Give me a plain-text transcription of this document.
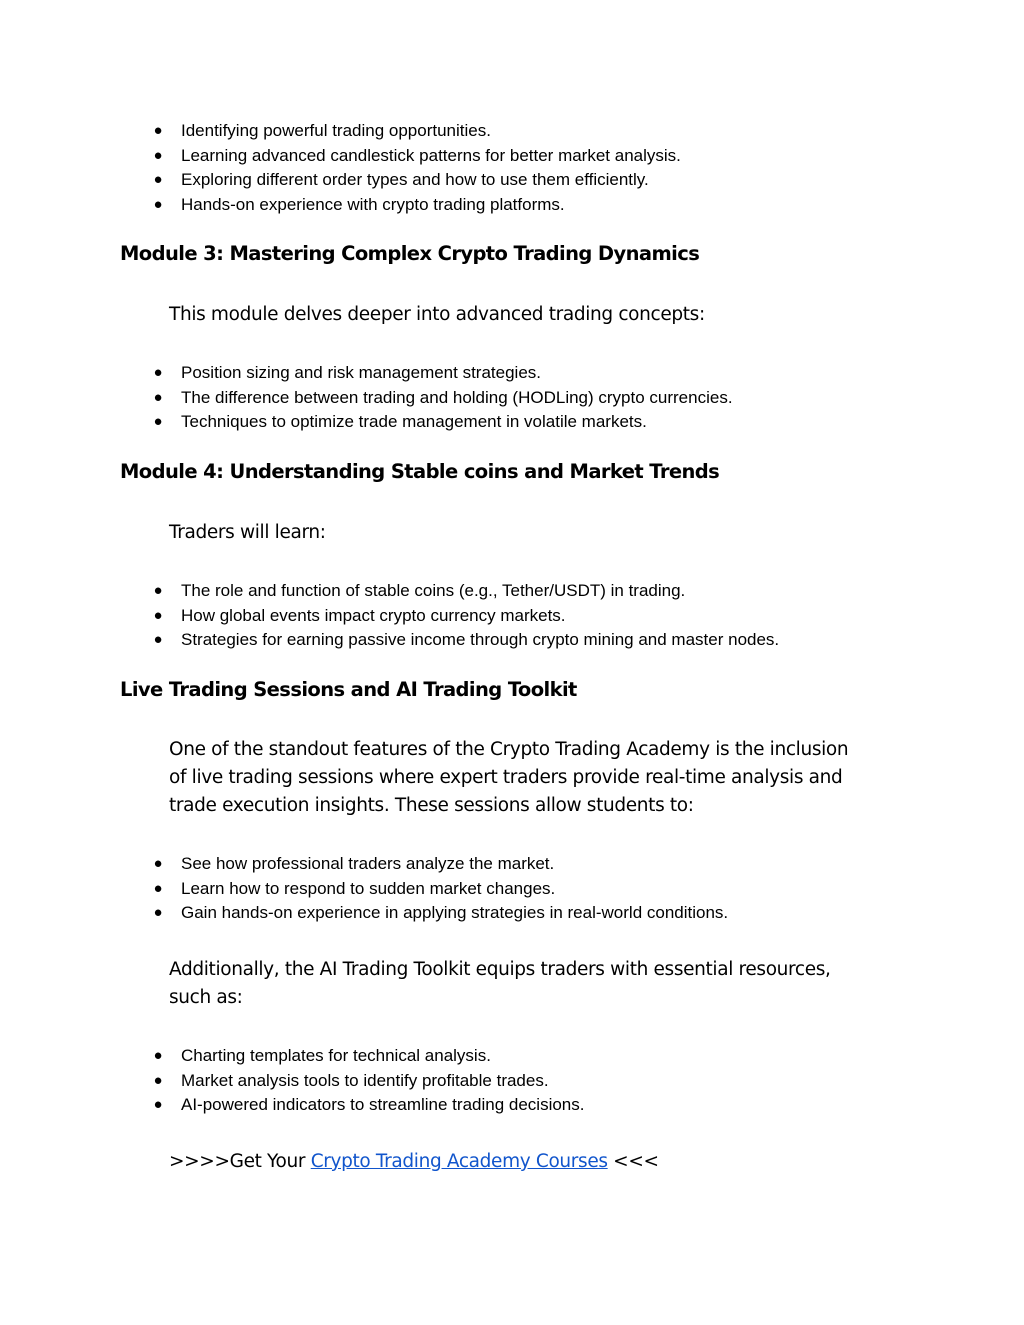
● Identifying powerful trading opportunities.
● Learning advanced candlestick patterns for better market analysis.
● Exploring different order types and how to use them efficiently.
● Hands-on experience with crypto trading platforms.
Module 3: Mastering Complex Crypto Trading Dynamics

This module delves deeper into advanced trading concepts:

● Position sizing and risk management strategies.
● The difference between trading and holding (HODLing) crypto currencies.
● Techniques to optimize trade management in volatile markets.
Module 4: Understanding Stable coins and Market Trends

Traders will learn:

● The role and function of stable coins (e.g., Tether/USDT) in trading.
● How global events impact crypto currency markets.
● Strategies for earning passive income through crypto mining and master nodes.
Live Trading Sessions and AI Trading Toolkit

One of the standout features of the Crypto Trading Academy is the inclusion
of live trading sessions where expert traders provide real-time analysis and
trade execution insights. These sessions allow students to:

● See how professional traders analyze the market.
● Learn how to respond to sudden market changes.
● Gain hands-on experience in applying strategies in real-world conditions.

Additionally, the AI Trading Toolkit equips traders with essential resources,
such as:

● Charting templates for technical analysis.
● Market analysis tools to identify profitable trades.
● AI-powered indicators to streamline trading decisions.

>>>>Get Your Crypto Trading Academy Courses <<<
